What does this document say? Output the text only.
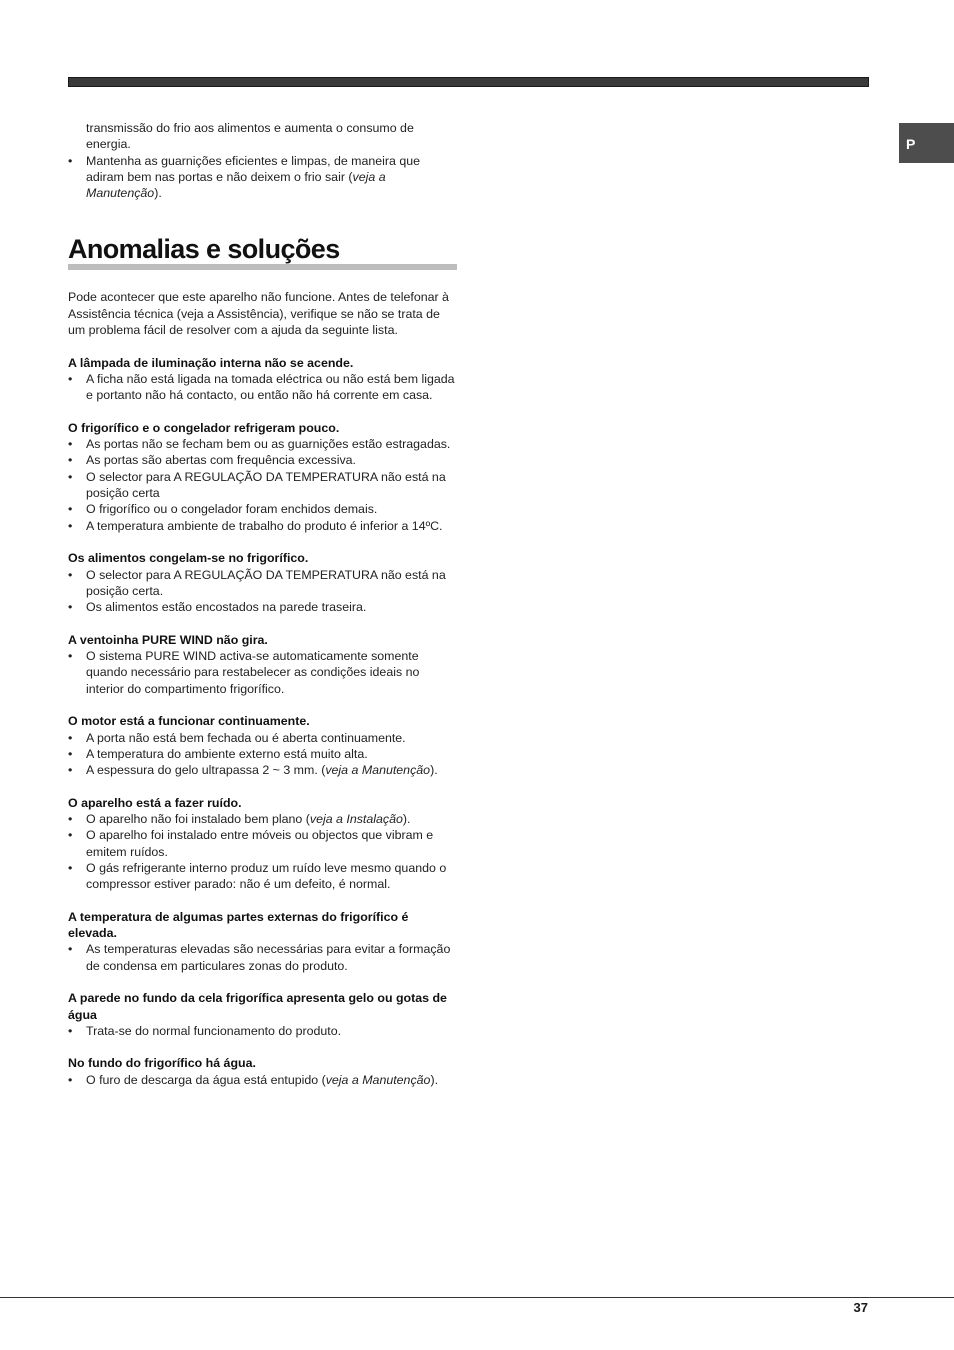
P

transmissão do frio aos alimentos e aumenta o consumo de energia.

• Mantenha as guarnições eficientes e limpas, de maneira que adiram bem nas portas e não deixem o frio sair (veja a Manutenção).

Anomalias e soluções

Pode acontecer que este aparelho não funcione. Antes de telefonar à Assistência técnica (veja a Assistência), verifique se não se trata de um problema fácil de resolver com a ajuda da seguinte lista.

A lâmpada de iluminação interna não se acende.

• A ficha não está ligada na tomada eléctrica ou não está bem ligada e portanto não há contacto, ou então não há corrente em casa.

O frigorífico e o congelador refrigeram pouco.

• As portas não se fecham bem ou as guarnições estão estragadas.

• As portas são abertas com frequência excessiva.

• O selector para A REGULAÇÃO DA TEMPERATURA não está na posição certa

• O frigorífico ou o congelador foram enchidos demais.

• A temperatura ambiente de trabalho do produto é inferior a 14ºC.

Os alimentos congelam-se no frigorífico.

• O selector para A REGULAÇÃO DA TEMPERATURA não está na posição certa.

• Os alimentos estão encostados na parede traseira.

A ventoinha PURE WIND não gira.

• O sistema PURE WIND activa-se automaticamente somente quando necessário para restabelecer as condições ideais no interior do compartimento frigorífico.

O motor está a funcionar continuamente.

• A porta não está bem fechada ou é aberta continuamente.

• A temperatura do ambiente externo está muito alta.

• A espessura do gelo ultrapassa 2 ~ 3 mm. (veja a Manutenção).

O aparelho está a fazer ruído.

• O aparelho não foi instalado bem plano (veja a Instalação).

• O aparelho foi instalado entre móveis ou objectos que vibram e emitem ruídos.

• O gás refrigerante interno produz um ruído leve mesmo quando o compressor estiver parado: não é um defeito, é normal.

A temperatura de algumas partes externas do frigorífico é elevada.

• As temperaturas elevadas são necessárias para evitar a formação de condensa em particulares zonas do produto.

A parede no fundo da cela frigorífica apresenta gelo ou gotas de água

• Trata-se do normal funcionamento do produto.

No fundo do frigorífico há água.

• O furo de descarga da água está entupido (veja a Manutenção).

37
